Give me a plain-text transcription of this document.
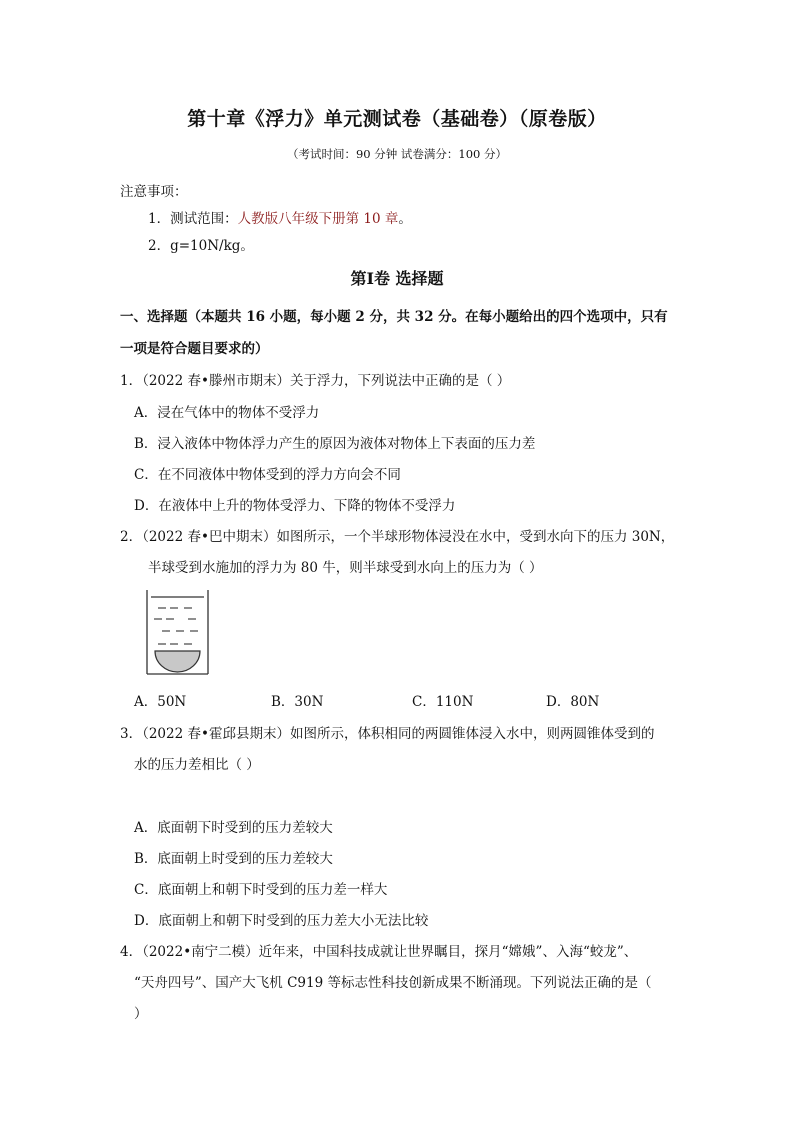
第十章《浮力》单元测试卷（基础卷）（原卷版）
（考试时间：90 分钟 试卷满分：100 分）
注意事项：
1．测试范围：人教版八年级下册第 10 章。
2．g=10N/kg。
第Ⅰ卷 选择题
一、选择题（本题共 16 小题，每小题 2 分，共 32 分。在每小题给出的四个选项中，只有
一项是符合题目要求的）
1．（2022 春•滕州市期末）关于浮力，下列说法中正确的是（ ）
A．浸在气体中的物体不受浮力
B．浸入液体中物体浮力产生的原因为液体对物体上下表面的压力差
C．在不同液体中物体受到的浮力方向会不同
D．在液体中上升的物体受浮力、下降的物体不受浮力
2．（2022 春•巴中期末）如图所示，一个半球形物体浸没在水中，受到水向下的压力 30N，
半球受到水施加的浮力为 80 牛，则半球受到水向上的压力为（ ）
A．50N	B．30N	C．110N	D．80N
3．（2022 春•霍邱县期末）如图所示，体积相同的两圆锥体浸入水中，则两圆锥体受到的
水的压力差相比（ ）
A．底面朝下时受到的压力差较大
B．底面朝上时受到的压力差较大
C．底面朝上和朝下时受到的压力差一样大
D．底面朝上和朝下时受到的压力差大小无法比较
4．（2022•南宁二模）近年来，中国科技成就让世界瞩目，探月“嫦娥”、入海“蛟龙”、
“天舟四号”、国产大飞机 C919 等标志性科技创新成果不断涌现。下列说法正确的是（
）
